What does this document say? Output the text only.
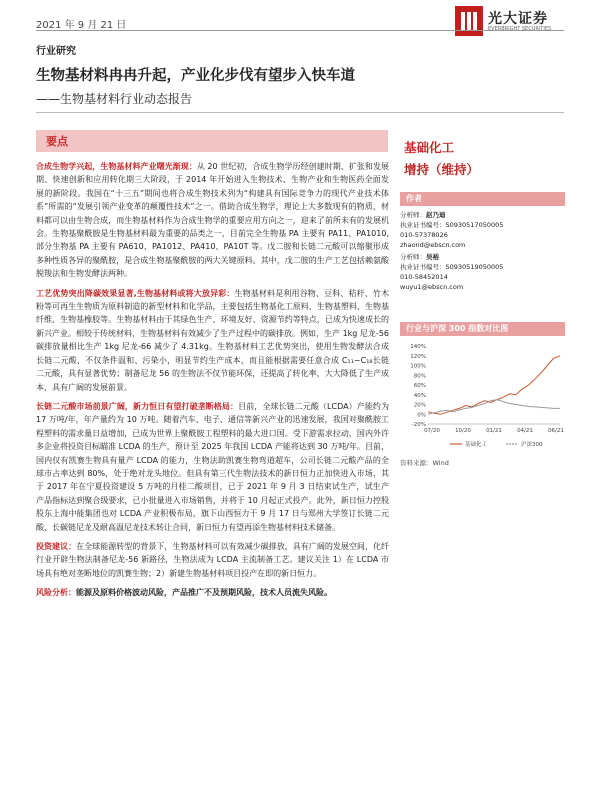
2021 年 9 月 21 日	光大证券
EVERBRIGHT SECURITIES
行业研究
生物基材料冉冉升起，产业化步伐有望步入快车道
——生物基材料行业动态报告
要点

合成生物学兴起，生物基材料产业曙光渐现：从 20 世纪初，合成生物学历经创建时期、扩张和发展期、快速创新和应用转化期三大阶段，于 2014 年开始进入生物技术、生物产业和生物医药全面发展的新阶段。我国在“十三五”期间也将合成生物技术列为“构建具有国际竞争力的现代产业技术体系”所需的“发展引领产业变革的颠覆性技术”之一。借助合成生物学，理论上大多数现有的物质、材料都可以由生物合成，而生物基材料作为合成生物学的重要应用方向之一，迎来了前所未有的发展机会。生物基聚酰胺是生物基材料最为重要的品类之一，目前完全生物基 PA 主要有 PA11、PA1010,部分生物基 PA 主要有 PA610、PA1012、PA410、PA10T 等。戊二胺和长链二元酸可以缩聚形成多种性质各异的聚酰胺，是合成生物基聚酰胺的两大关键原料。其中，戊二胺的生产工艺包括赖氨酸脱羧法和生物发酵法两种。

工艺优势突出降碳效果显著,生物基材料或将大放异彩：生物基材料是利用谷物、豆科、秸秆、竹木粉等可再生生物质为原料制造的新型材料和化学品，主要包括生物基化工原料、生物基塑料、生物基纤维、生物基橡胶等。生物基材料由于其绿色生产、环境友好、资源节约等特点，已成为快速成长的新兴产业。相较于传统材料，生物基材料有效减少了生产过程中的碳排放。例如，生产 1kg 尼龙-56 碳排放量相比生产 1kg 尼龙-66 减少了 4.31kg。生物基材料工艺优势突出，使用生物发酵法合成长链二元酸，不仅条件温和、污染小，明显节约生产成本，而且能根据需要任意合成 C₁₁~C₁₈长链二元酸，具有显著优势；制备尼龙 56 的生物法不仅节能环保，还提高了转化率，大大降低了生产成本，具有广阔的发展前景。

长链二元酸市场前景广阔，新力恒日有望打破垄断格局：目前，全球长链二元酸（LCDA）产能约为 17 万吨/年，年产量约为 10 万吨。随着汽车、电子、通信等新兴产业的迅速发展，我国对聚酰胺工程塑料的需求量日益增加，已成为世界上聚酰胺工程塑料的最大进口国。受下游需求拉动，国内外许多企业将投资目标瞄准 LCDA 的生产，预计至 2025 年我国 LCDA 产能将达到 30 万吨/年。目前，国内仅有凯赛生物具有量产 LCDA 的能力，生物法助凯赛生物弯道超车，公司长链二元酸产品的全球市占率达到 80%，处于绝对龙头地位。但具有第三代生物法技术的新日恒力正加快进入市场，其于 2017 年在宁夏投资建设 5 万吨的月桂二酸项目，已于 2021 年 9 月 3 日结束试生产，试生产产品指标达到聚合级要求，已小批量进入市场销售，并将于 10 月起正式投产。此外，新日恒力控股股东上海中能集团也对 LCDA 产业积极布局，旗下山西恒力于 9 月 17 日与郑州大学签订长链二元酸、长碳链尼龙及耐高温尼龙技术转让合同，新日恒力有望再添生物基材料技术储备。

投资建议：在全球能源转型的背景下，生物基材料可以有效减少碳排放，具有广阔的发展空间，化纤行业开辟生物法制备尼龙-56 新路径，生物法成为 LCDA 主流制备工艺。建议关注 1）在 LCDA 市场具有绝对垄断地位的凯赛生物；2）新建生物基材料项目投产在即的新日恒力。

风险分析：能源及原料价格波动风险，产品推广不及预期风险，技术人员流失风险。

基础化工
增持（维持）
作者
分析师：赵乃迪
执业证书编号：S0930517050005
010-57378026
zhaond@ebscn.com
分析师：吴裕
执业证书编号：S0930519050005
010-58452014
wuyu1@ebscn.com
行业与沪深 300 指数对比图
140%
120%
100%
80%
60%
40%
20%
0%
-20%
07/20	10/20	01/21	04/21	06/21
基础化工	沪深300
资料来源：Wind
